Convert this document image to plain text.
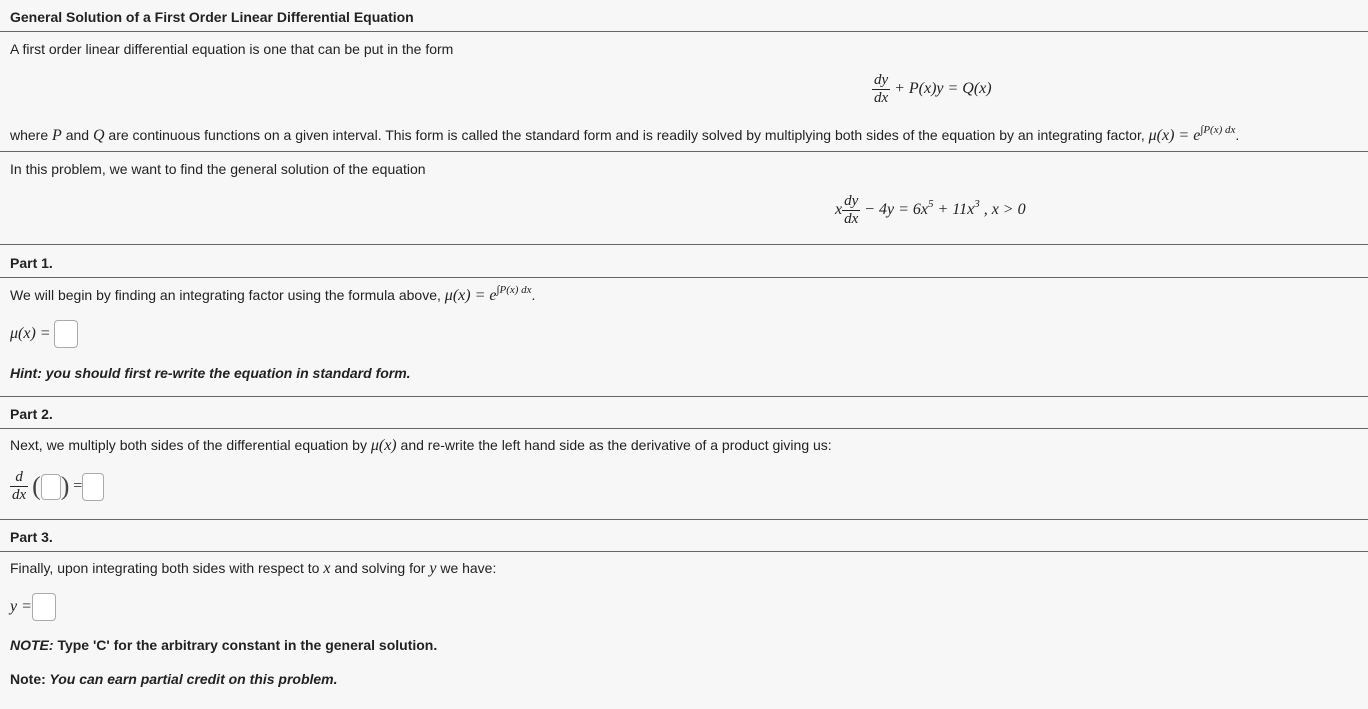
General Solution of a First Order Linear Differential Equation
A first order linear differential equation is one that can be put in the form
$\frac{dy}{dx} + P(x)y = Q(x)$
where P and Q are continuous functions on a given interval. This form is called the standard form and is readily solved by multiplying both sides of the equation by an integrating factor, $\mu(x) = e^{\int P(x) dx}$.
In this problem, we want to find the general solution of the equation
x $\frac{dy}{dx} - 4y = 6x^5 + 11x^3$ , x > 0
Part 1.
We will begin by finding an integrating factor using the formula above, $\mu(x) = e^{\int P(x) dx}$.
μ(x) =
Hint: you should first re-write the equation in standard form.
Part 2.
Next, we multiply both sides of the differential equation by μ(x) and re-write the left hand side as the derivative of a product giving us:
$\frac{d}{dx}$ ( ) =
Part 3.
Finally, upon integrating both sides with respect to x and solving for y we have:
y =
NOTE: Type 'C' for the arbitrary constant in the general solution.
Note: You can earn partial credit on this problem.
